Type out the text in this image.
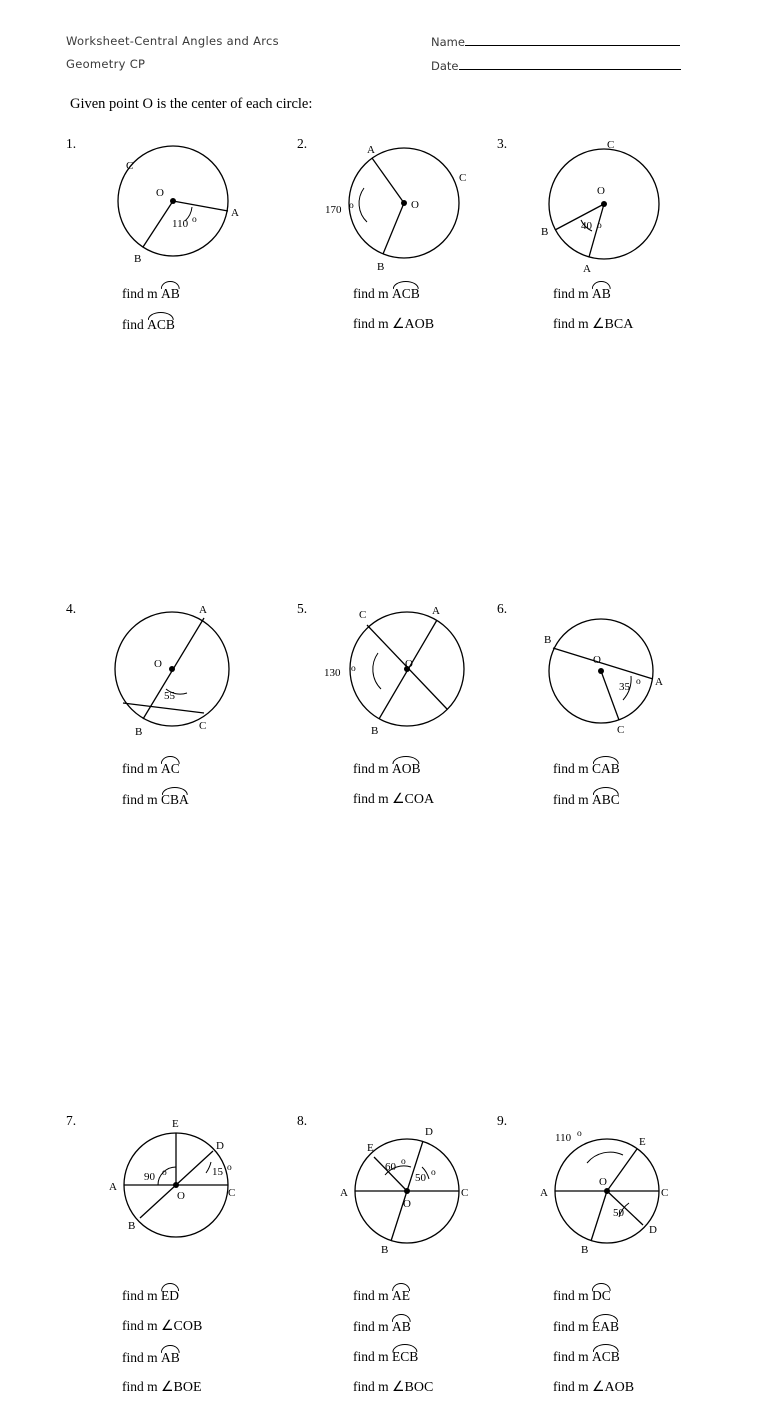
Worksheet-Central Angles and Arcs
Geometry CP
Name
Date
Given point O is the center of each circle:
1.
O
A
B
C
110 o
find m AB
find ACB
2.	A
B
C
O
170 o
find m ACB
find m ∠AOB
3.
O
A
B
C
40 o
find m AB
find m ∠BCA
4.	A
B	C
O
55
find m AC
find m CBA
5.	A
B
C
O
130 o
find m AOB
find m ∠COA
6.
B
A
C
O
35 o
find m CAB
find m ABC
7.	E
D
A	C
B
O
90 o	15 o
find m ED
find m ∠COB
find m AB
find m ∠BOE
8.
E
D
A	C
B
O
60 o
50 o
find m AE
find m AB
find m ECB
find m ∠BOC
9.
E
D
A	C
B
O
110 o
50
find m DC
find m EAB
find m ACB
find m ∠AOB
